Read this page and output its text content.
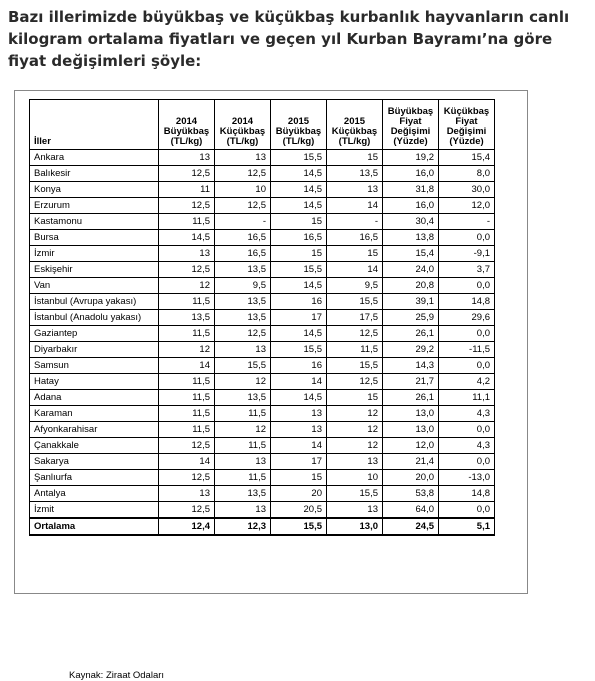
Bazı illerimizde büyükbaş ve küçükbaş kurbanlık hayvanların canlı kilogram ortalama fiyatları ve geçen yıl Kurban Bayramı’na göre fiyat değişimleri şöyle:
İller	2014 Büyükbaş (TL/kg)	2014 Küçükbaş (TL/kg)	2015 Büyükbaş (TL/kg)	2015 Küçükbaş (TL/kg)	Büyükbaş Fiyat Değişimi (Yüzde)	Küçükbaş Fiyat Değişimi (Yüzde)
Ankara	13	13	15,5	15	19,2	15,4
Balıkesir	12,5	12,5	14,5	13,5	16,0	8,0
Konya	11	10	14,5	13	31,8	30,0
Erzurum	12,5	12,5	14,5	14	16,0	12,0
Kastamonu	11,5	-	15	-	30,4	-
Bursa	14,5	16,5	16,5	16,5	13,8	0,0
İzmir	13	16,5	15	15	15,4	-9,1
Eskişehir	12,5	13,5	15,5	14	24,0	3,7
Van	12	9,5	14,5	9,5	20,8	0,0
İstanbul (Avrupa yakası)	11,5	13,5	16	15,5	39,1	14,8
İstanbul (Anadolu yakası)	13,5	13,5	17	17,5	25,9	29,6
Gaziantep	11,5	12,5	14,5	12,5	26,1	0,0
Diyarbakır	12	13	15,5	11,5	29,2	-11,5
Samsun	14	15,5	16	15,5	14,3	0,0
Hatay	11,5	12	14	12,5	21,7	4,2
Adana	11,5	13,5	14,5	15	26,1	11,1
Karaman	11,5	11,5	13	12	13,0	4,3
Afyonkarahisar	11,5	12	13	12	13,0	0,0
Çanakkale	12,5	11,5	14	12	12,0	4,3
Sakarya	14	13	17	13	21,4	0,0
Şanlıurfa	12,5	11,5	15	10	20,0	-13,0
Antalya	13	13,5	20	15,5	53,8	14,8
İzmit	12,5	13	20,5	13	64,0	0,0
Ortalama	12,4	12,3	15,5	13,0	24,5	5,1

Kaynak: Ziraat Odaları
